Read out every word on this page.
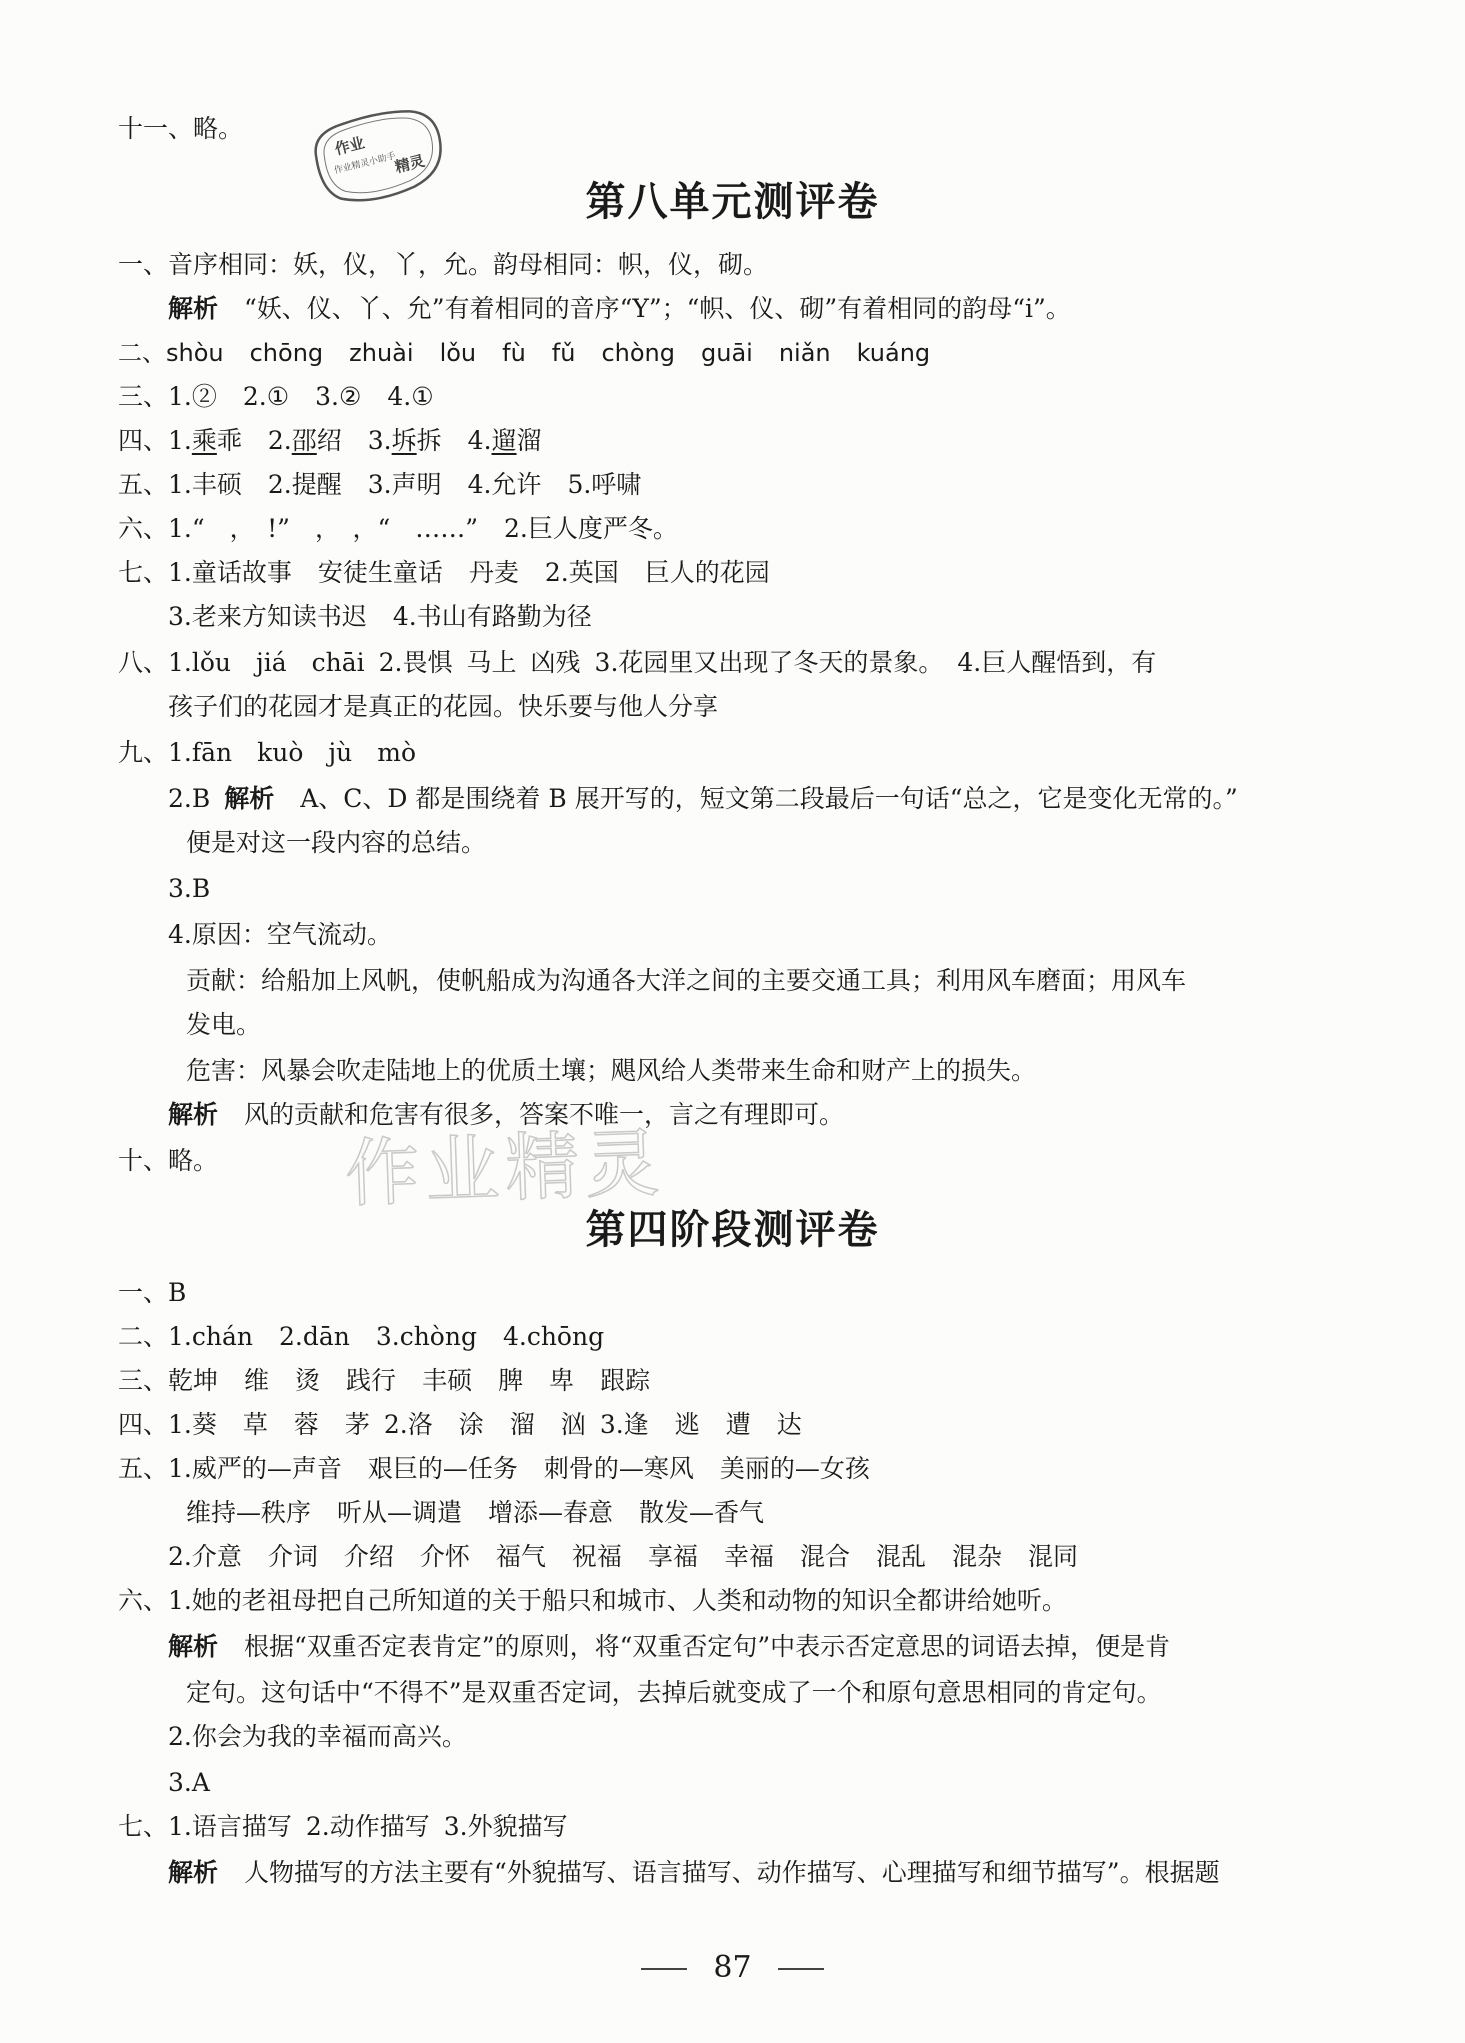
十一、略。
作业
作业精灵小助手
精灵
第八单元测评卷
一、音序相同：妖，仪，丫，允。韵母相同：帜，仪，砌。
解析 “妖、仪、丫、允”有着相同的音序“Y”；“帜、仪、砌”有着相同的韵母“i”。
二、shòu chōng zhuài lǒu fù fǔ chòng guāi niǎn kuáng
三、1.② 2.① 3.② 4.①
四、1.乘乖 2.邵绍 3.坼拆 4.遛溜
五、1.丰硕 2.提醒 3.声明 4.允许 5.呼啸
六、1.“　，　!”　，　，“　……” 2.巨人度严冬。
七、1.童话故事 安徒生童话 丹麦 2.英国 巨人的花园
3.老来方知读书迟 4.书山有路勤为径
八、1.lǒu　jiá　chāi 2.畏惧 马上 凶残 3.花园里又出现了冬天的景象。 4.巨人醒悟到，有
孩子们的花园才是真正的花园。快乐要与他人分享
九、1.fān　kuò　jù　mò
2.B 解析 A、C、D 都是围绕着 B 展开写的，短文第二段最后一句话“总之，它是变化无常的。”
便是对这一段内容的总结。
3.B
4.原因：空气流动。
贡献：给船加上风帆，使帆船成为沟通各大洋之间的主要交通工具；利用风车磨面；用风车
发电。
危害：风暴会吹走陆地上的优质土壤；飓风给人类带来生命和财产上的损失。
解析 风的贡献和危害有很多，答案不唯一，言之有理即可。
十、略。 作业精灵
第四阶段测评卷
一、B
二、1.chán 2.dān 3.chòng 4.chōng
三、乾坤 维 烫 践行 丰硕 脾 卑 跟踪
四、1.葵 草 蓉 茅 2.洛 涂 溜 汹 3.逢 逃 遭 达
五、1.威严的—声音 艰巨的—任务 刺骨的—寒风 美丽的—女孩
维持—秩序 听从—调遣 增添—春意 散发—香气
2.介意 介词 介绍 介怀 福气 祝福 享福 幸福 混合 混乱 混杂 混同
六、1.她的老祖母把自己所知道的关于船只和城市、人类和动物的知识全都讲给她听。
解析 根据“双重否定表肯定”的原则，将“双重否定句”中表示否定意思的词语去掉，便是肯
定句。这句话中“不得不”是双重否定词，去掉后就变成了一个和原句意思相同的肯定句。
2.你会为我的幸福而高兴。
3.A
七、1.语言描写 2.动作描写 3.外貌描写
解析 人物描写的方法主要有“外貌描写、语言描写、动作描写、心理描写和细节描写”。根据题
87
